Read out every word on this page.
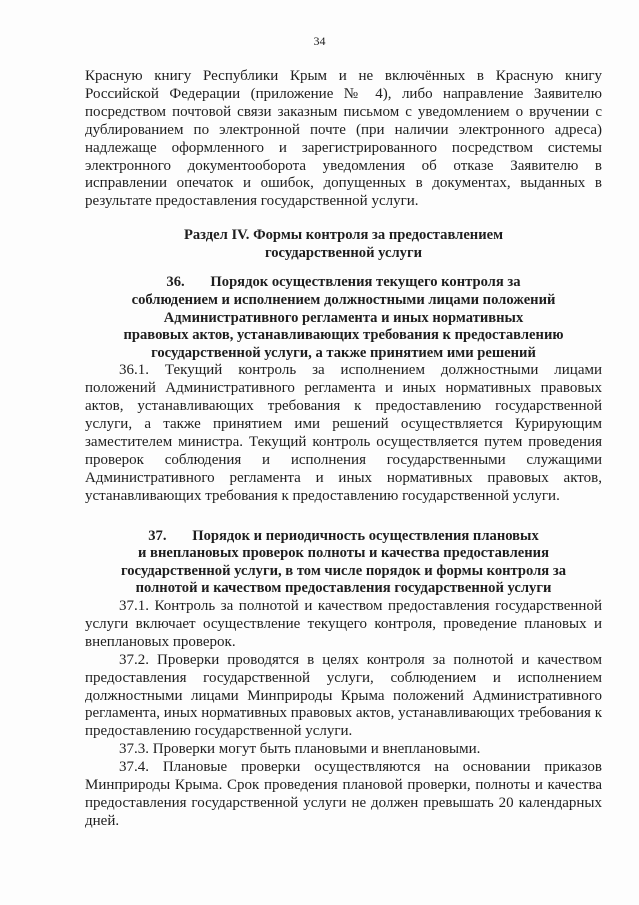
34

Красную книгу Республики Крым и не включённых в Красную книгу Российской Федерации (приложение № 4), либо направление Заявителю посредством почтовой связи заказным письмом с уведомлением о вручении с дублированием по электронной почте (при наличии электронного адреса) надлежаще оформленного и зарегистрированного посредством системы электронного документооборота уведомления об отказе Заявителю в исправлении опечаток и ошибок, допущенных в документах, выданных в результате предоставления государственной услуги.

Раздел IV. Формы контроля за предоставлением
государственной услуги
36. Порядок осуществления текущего контроля за
соблюдением и исполнением должностными лицами положений
Административного регламента и иных нормативных
правовых актов, устанавливающих требования к предоставлению
государственной услуги, а также принятием ими решений

36.1. Текущий контроль за исполнением должностными лицами положений Административного регламента и иных нормативных правовых актов, устанавливающих требования к предоставлению государственной услуги, а также принятием ими решений осуществляется Курирующим заместителем министра. Текущий контроль осуществляется путем проведения проверок соблюдения и исполнения государственными служащими Административного регламента и иных нормативных правовых актов, устанавливающих требования к предоставлению государственной услуги.

37. Порядок и периодичность осуществления плановых
и внеплановых проверок полноты и качества предоставления
государственной услуги, в том числе порядок и формы контроля за
полнотой и качеством предоставления государственной услуги

37.1. Контроль за полнотой и качеством предоставления государственной услуги включает осуществление текущего контроля, проведение плановых и внеплановых проверок.

37.2. Проверки проводятся в целях контроля за полнотой и качеством предоставления государственной услуги, соблюдением и исполнением должностными лицами Минприроды Крыма положений Административного регламента, иных нормативных правовых актов, устанавливающих требования к предоставлению государственной услуги.

37.3. Проверки могут быть плановыми и внеплановыми.

37.4. Плановые проверки осуществляются на основании приказов Минприроды Крыма. Срок проведения плановой проверки, полноты и качества предоставления государственной услуги не должен превышать 20 календарных дней.
